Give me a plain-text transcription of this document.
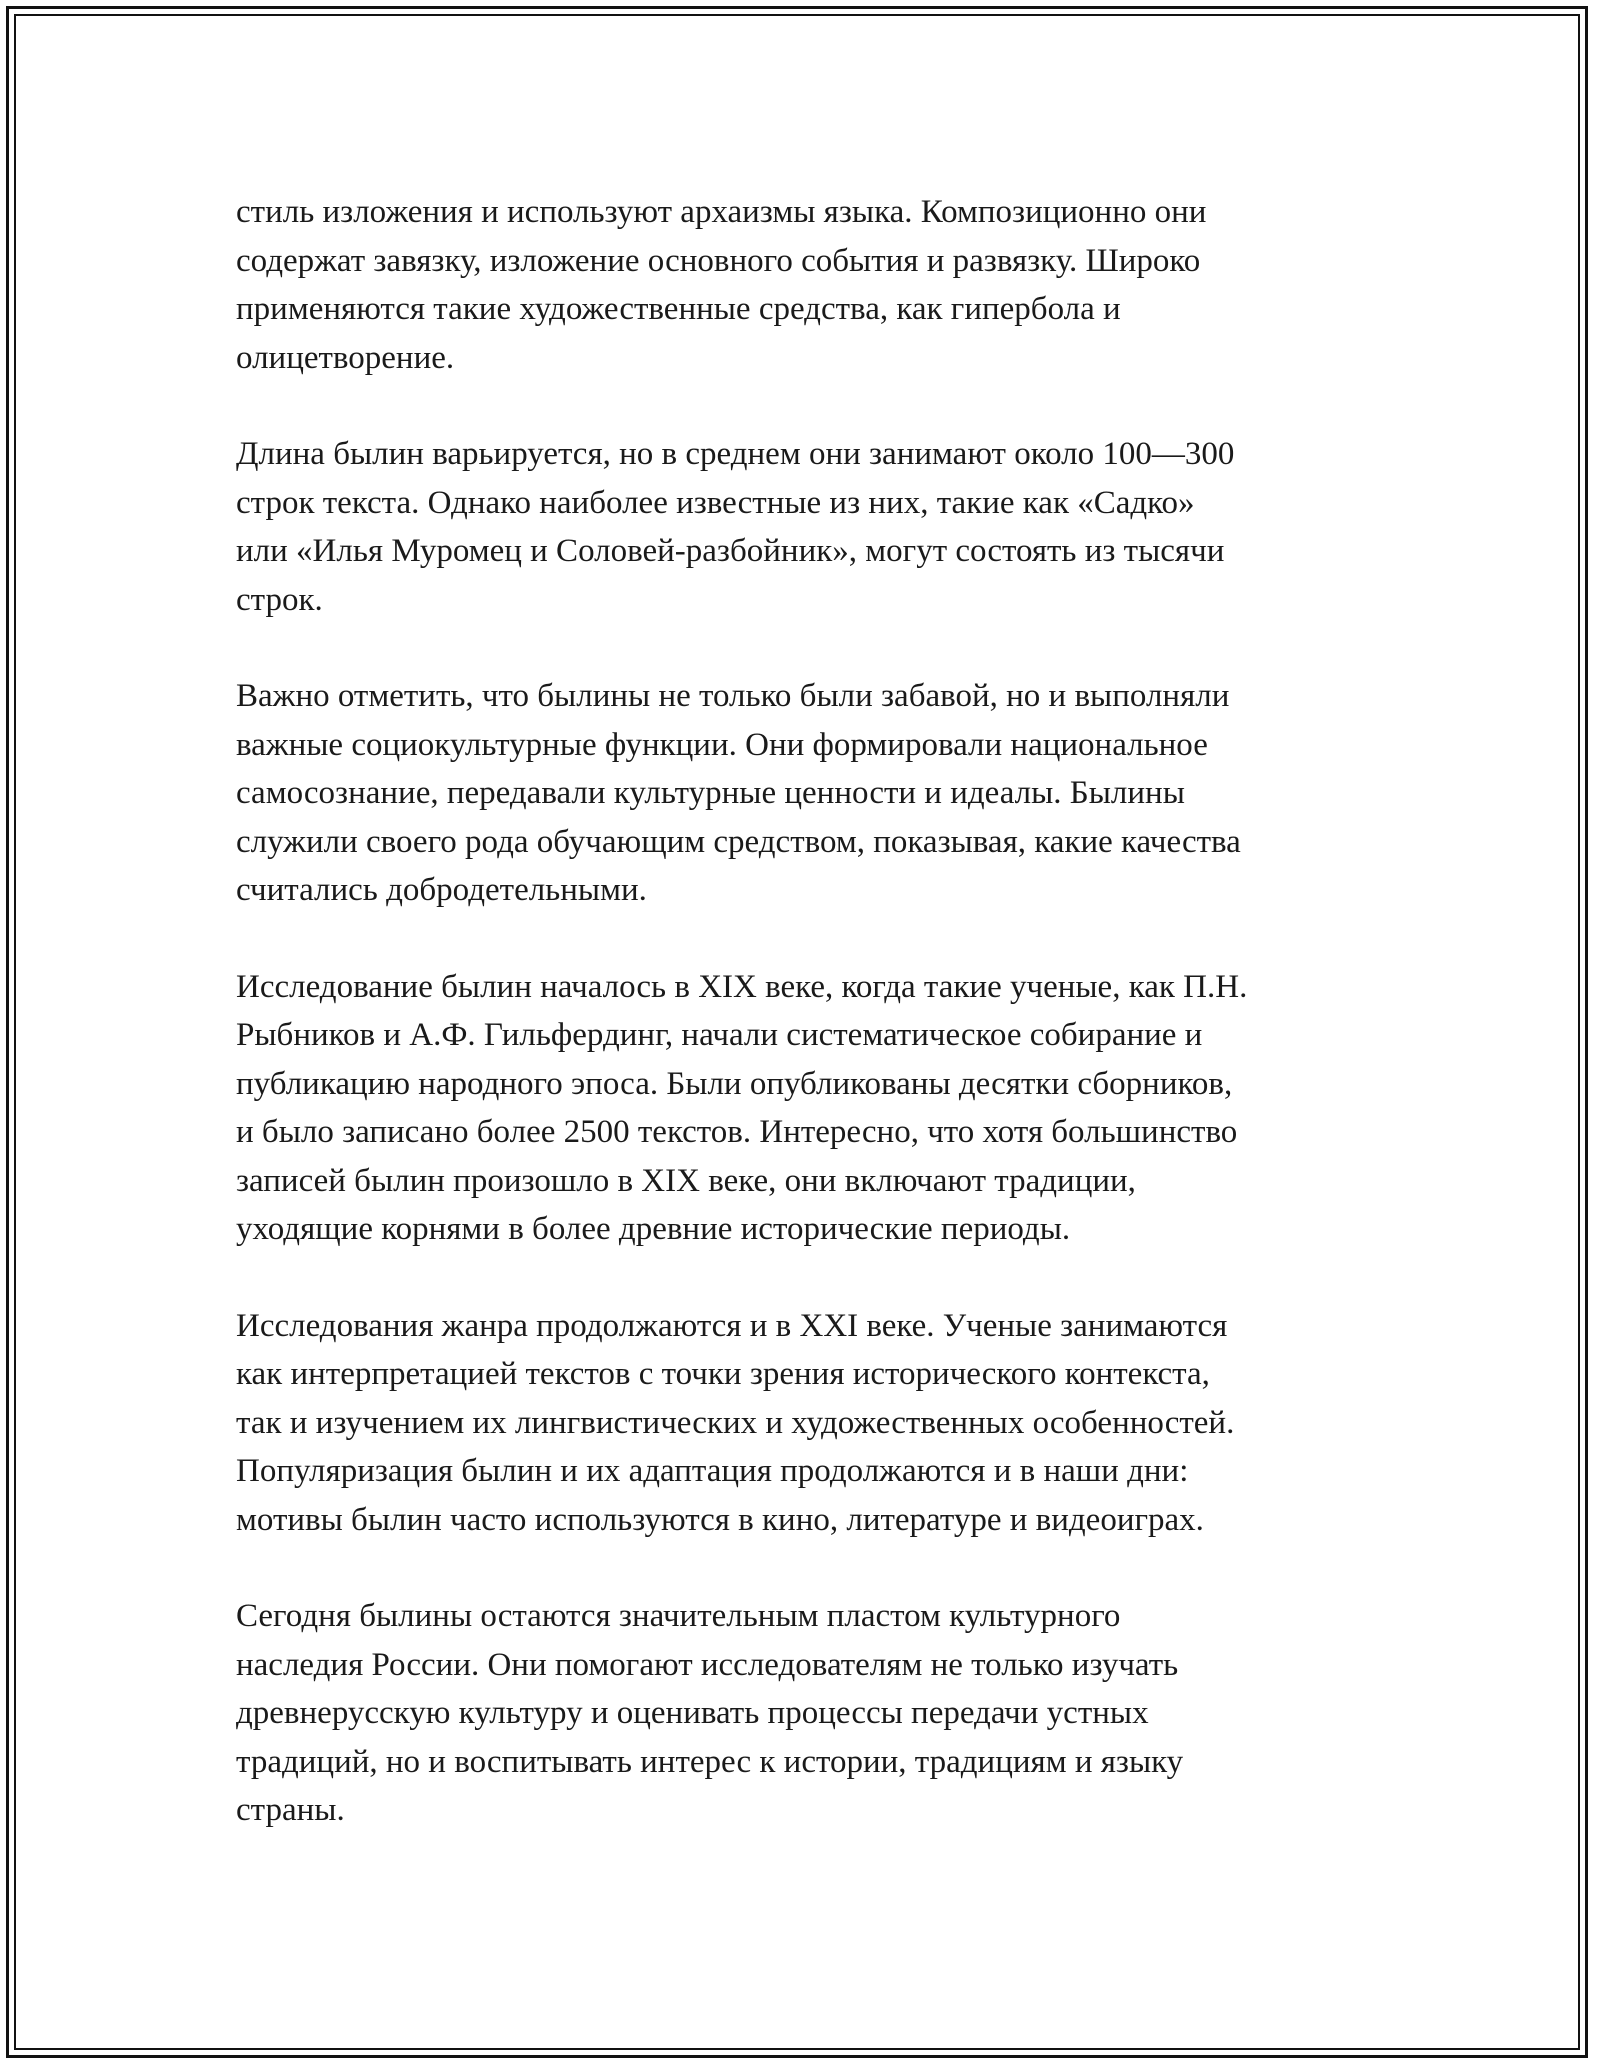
стиль изложения и используют архаизмы языка. Композиционно они
содержат завязку, изложение основного события и развязку. Широко
применяются такие художественные средства, как гипербола и
олицетворение.

Длина былин варьируется, но в среднем они занимают около 100—300
строк текста. Однако наиболее известные из них, такие как «Садко»
или «Илья Муромец и Соловей-разбойник», могут состоять из тысячи
строк.

Важно отметить, что былины не только были забавой, но и выполняли
важные социокультурные функции. Они формировали национальное
самосознание, передавали культурные ценности и идеалы. Былины
служили своего рода обучающим средством, показывая, какие качества
считались добродетельными.

Исследование былин началось в XIX веке, когда такие ученые, как П.Н.
Рыбников и А.Ф. Гильфердинг, начали систематическое собирание и
публикацию народного эпоса. Были опубликованы десятки сборников,
и было записано более 2500 текстов. Интересно, что хотя большинство
записей былин произошло в XIX веке, они включают традиции,
уходящие корнями в более древние исторические периоды.

Исследования жанра продолжаются и в XXI веке. Ученые занимаются
как интерпретацией текстов с точки зрения исторического контекста,
так и изучением их лингвистических и художественных особенностей.
Популяризация былин и их адаптация продолжаются и в наши дни:
мотивы былин часто используются в кино, литературе и видеоиграх.

Сегодня былины остаются значительным пластом культурного
наследия России. Они помогают исследователям не только изучать
древнерусскую культуру и оценивать процессы передачи устных
традиций, но и воспитывать интерес к истории, традициям и языку
страны.
